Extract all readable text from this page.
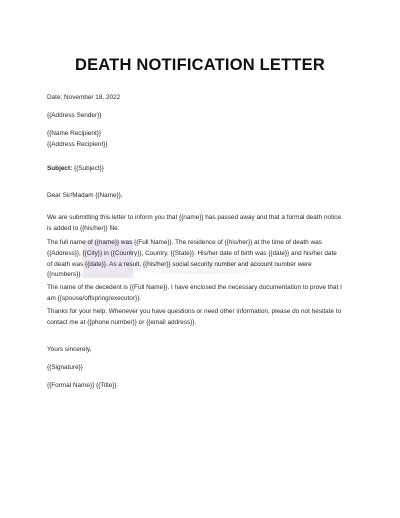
DEATH NOTIFICATION LETTER

Date: November 18, 2022

{{Address Sender}}

{{Name Recipient}}
{{Address Recipient}}

Subject: {{Subject}}

Dear Sir/Madam {{Name}},

We are submitting this letter to inform you that {{name}} has passed away and that a formal death notice
is added to {{his/her}} file.

The full name of {{name}} was {{Full Name}}. The residence of {{his/her}} at the time of death was
{{Address}}, {{City}} in {{Country}}, Country, {{State}}. His/her date of birth was {{date}} and his/her date
of death was {{date}}. As a result, {{his/her}} social security number and account number were
{{numbers}}.

The name of the decedent is {{Full Name}}. I have enclosed the necessary documentation to prove that I
am {{spouse/offspring/executor}}.

Thanks for your help. Whenever you have questions or need other information, please do not hesitate to
contact me at {{phone number}} or {{email address}}.

Yours sincerely,

{{Signature}}

{{Formal Name}} {{Title}}
